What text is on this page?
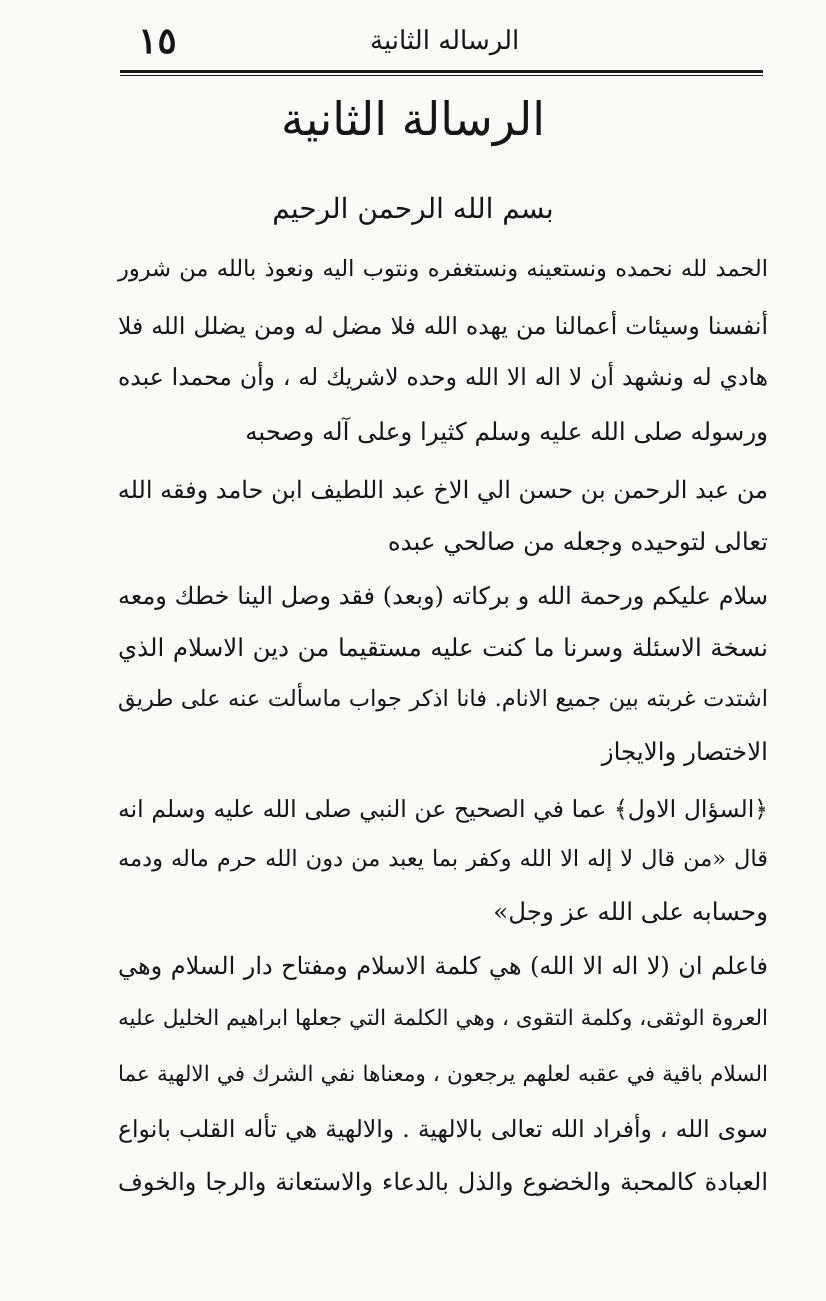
١٥	الرساله الثانية
الرسالة الثانية
بسم الله الرحمن الرحيم
الحمد لله نحمده ونستعينه ونستغفره ونتوب اليه ونعوذ بالله من شرور
أنفسنا وسيئات أعمالنا من يهده الله فلا مضل له ومن يضلل الله فلا
هادي له ونشهد أن لا اله الا الله وحده لاشريك له ، وأن محمدا عبده
ورسوله صلى الله عليه وسلم كثيرا وعلى آله وصحبه
من عبد الرحمن بن حسن الي الاخ عبد اللطيف ابن حامد وفقه الله
تعالى لتوحيده وجعله من صالحي عبده
سلام عليكم ورحمة الله و بركاته (وبعد) فقد وصل الينا خطك ومعه
نسخة الاسئلة وسرنا ما كنت عليه مستقيما من دين الاسلام الذي
اشتدت غربته بين جميع الانام. فانا اذكر جواب ماسألت عنه على طريق
الاختصار والايجاز
﴿السؤال الاول﴾ عما في الصحيح عن النبي صلى الله عليه وسلم انه
قال «من قال لا إله الا الله وكفر بما يعبد من دون الله حرم ماله ودمه
وحسابه على الله عز وجل»
فاعلم ان (لا اله الا الله) هي كلمة الاسلام ومفتاح دار السلام وهي
العروة الوثقى، وكلمة التقوى ، وهي الكلمة التي جعلها ابراهيم الخليل عليه
السلام باقية في عقبه لعلهم يرجعون ، ومعناها نفي الشرك في الالهية عما
سوى الله ، وأفراد الله تعالى بالالهية . والالهية هي تأله القلب بانواع
العبادة كالمحبة والخضوع والذل بالدعاء والاستعانة والرجا والخوف
